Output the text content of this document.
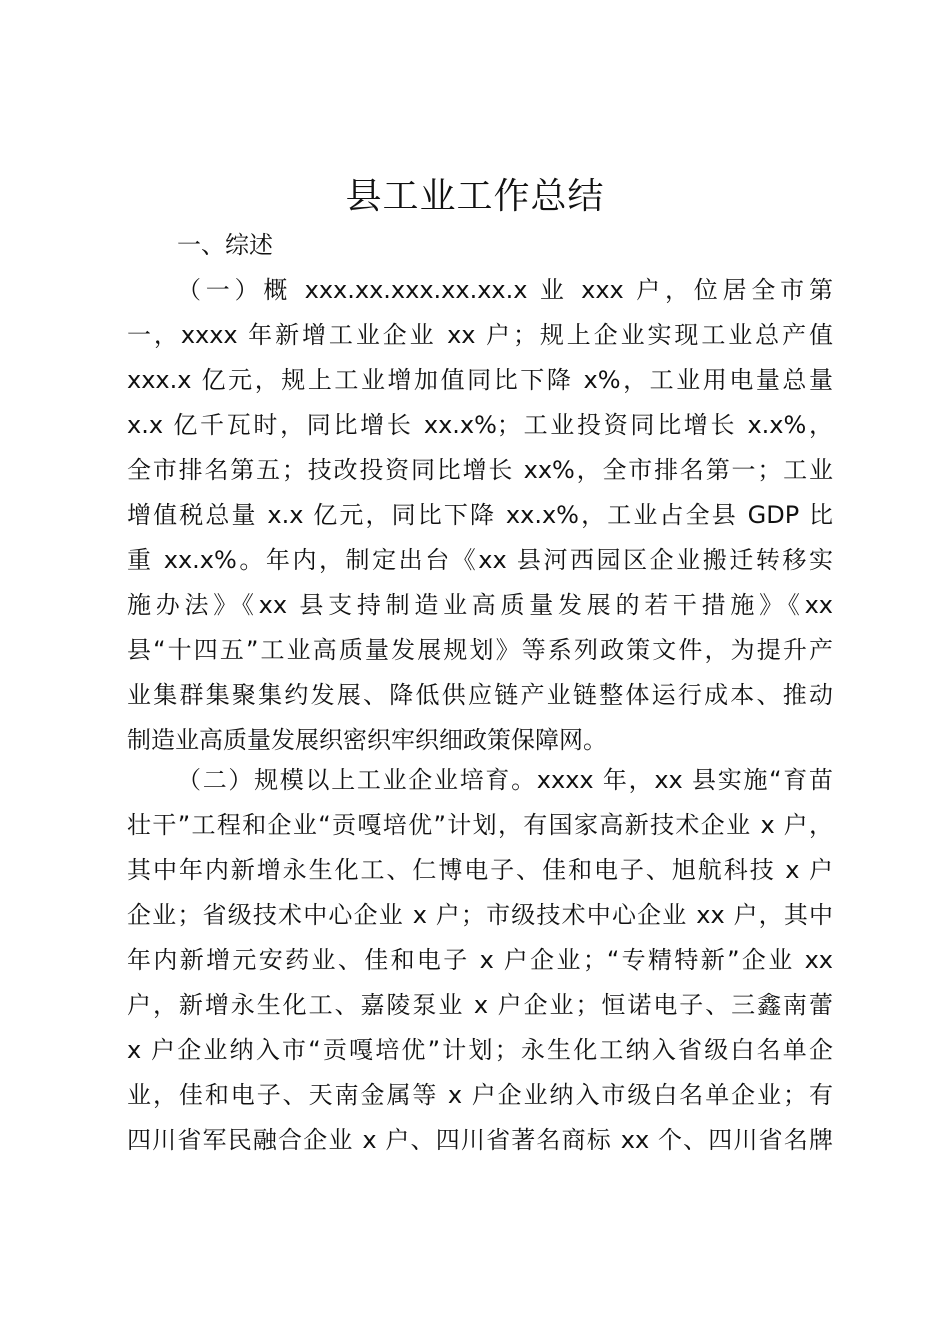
县工业工作总结
一、综述
（一）概 xxx.xx.xxx.xx.xx.x 业 xxx 户，位居全市第
一，xxxx 年新增工业企业 xx 户；规上企业实现工业总产值
xxx.x 亿元，规上工业增加值同比下降 x%，工业用电量总量
x.x 亿千瓦时，同比增长 xx.x%；工业投资同比增长 x.x%，
全市排名第五；技改投资同比增长 xx%，全市排名第一；工业
增值税总量 x.x 亿元，同比下降 xx.x%，工业占全县 GDP 比
重 xx.x%。年内，制定出台《xx 县河西园区企业搬迁转移实
施办法》《xx 县支持制造业高质量发展的若干措施》《xx
县“十四五”工业高质量发展规划》等系列政策文件，为提升产
业集群集聚集约发展、降低供应链产业链整体运行成本、推动
制造业高质量发展织密织牢织细政策保障网。
（二）规模以上工业企业培育。xxxx 年，xx 县实施“育苗
壮干”工程和企业“贡嘎培优”计划，有国家高新技术企业 x 户，
其中年内新增永生化工、仁博电子、佳和电子、旭航科技 x 户
企业；省级技术中心企业 x 户；市级技术中心企业 xx 户，其中
年内新增元安药业、佳和电子 x 户企业；“专精特新”企业 xx
户，新增永生化工、嘉陵泵业 x 户企业；恒诺电子、三鑫南蕾
x 户企业纳入市“贡嘎培优”计划；永生化工纳入省级白名单企
业，佳和电子、天南金属等 x 户企业纳入市级白名单企业；有
四川省军民融合企业 x 户、四川省著名商标 xx 个、四川省名牌
